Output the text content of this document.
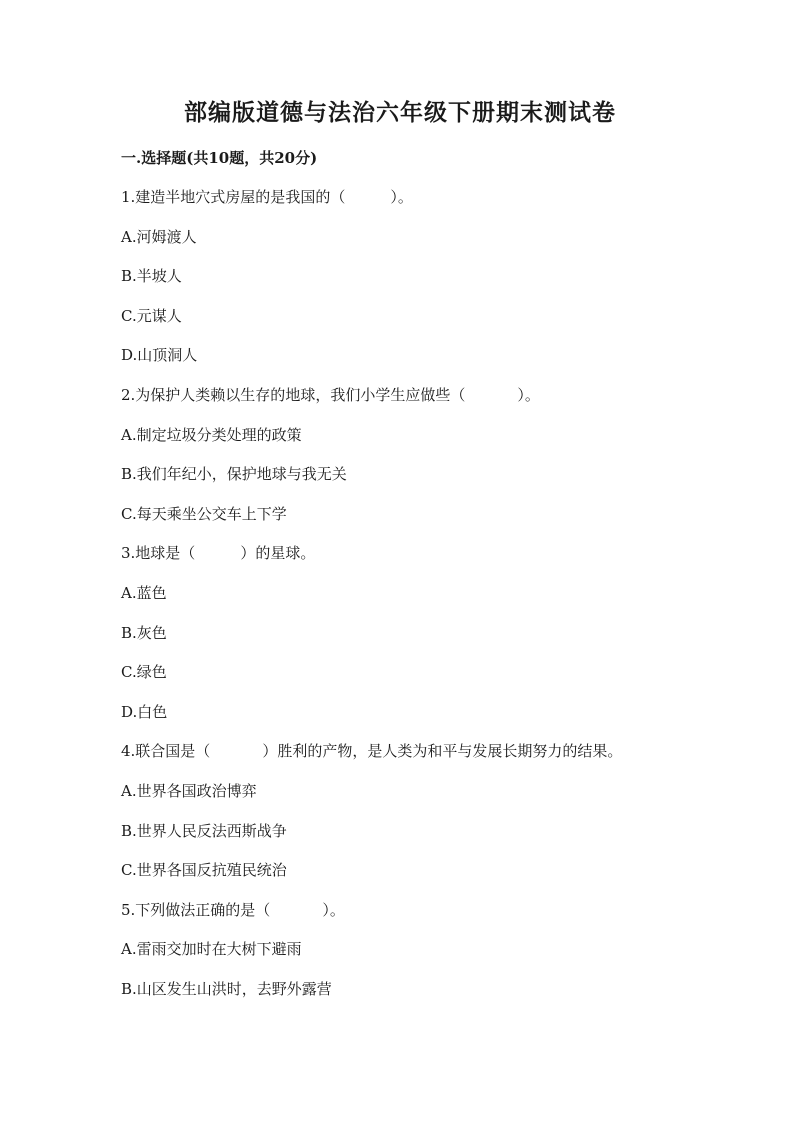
部编版道德与法治六年级下册期末测试卷
一.选择题(共10题，共20分)
1.建造半地穴式房屋的是我国的（	）。
A.河姆渡人
B.半坡人
C.元谋人
D.山顶洞人
2.为保护人类赖以生存的地球，我们小学生应做些（	）。
A.制定垃圾分类处理的政策
B.我们年纪小，保护地球与我无关
C.每天乘坐公交车上下学
3.地球是（	）的星球。
A.蓝色
B.灰色
C.绿色
D.白色
4.联合国是（	）胜利的产物，是人类为和平与发展长期努力的结果。
A.世界各国政治博弈
B.世界人民反法西斯战争
C.世界各国反抗殖民统治
5.下列做法正确的是（	）。
A.雷雨交加时在大树下避雨
B.山区发生山洪时，去野外露营
